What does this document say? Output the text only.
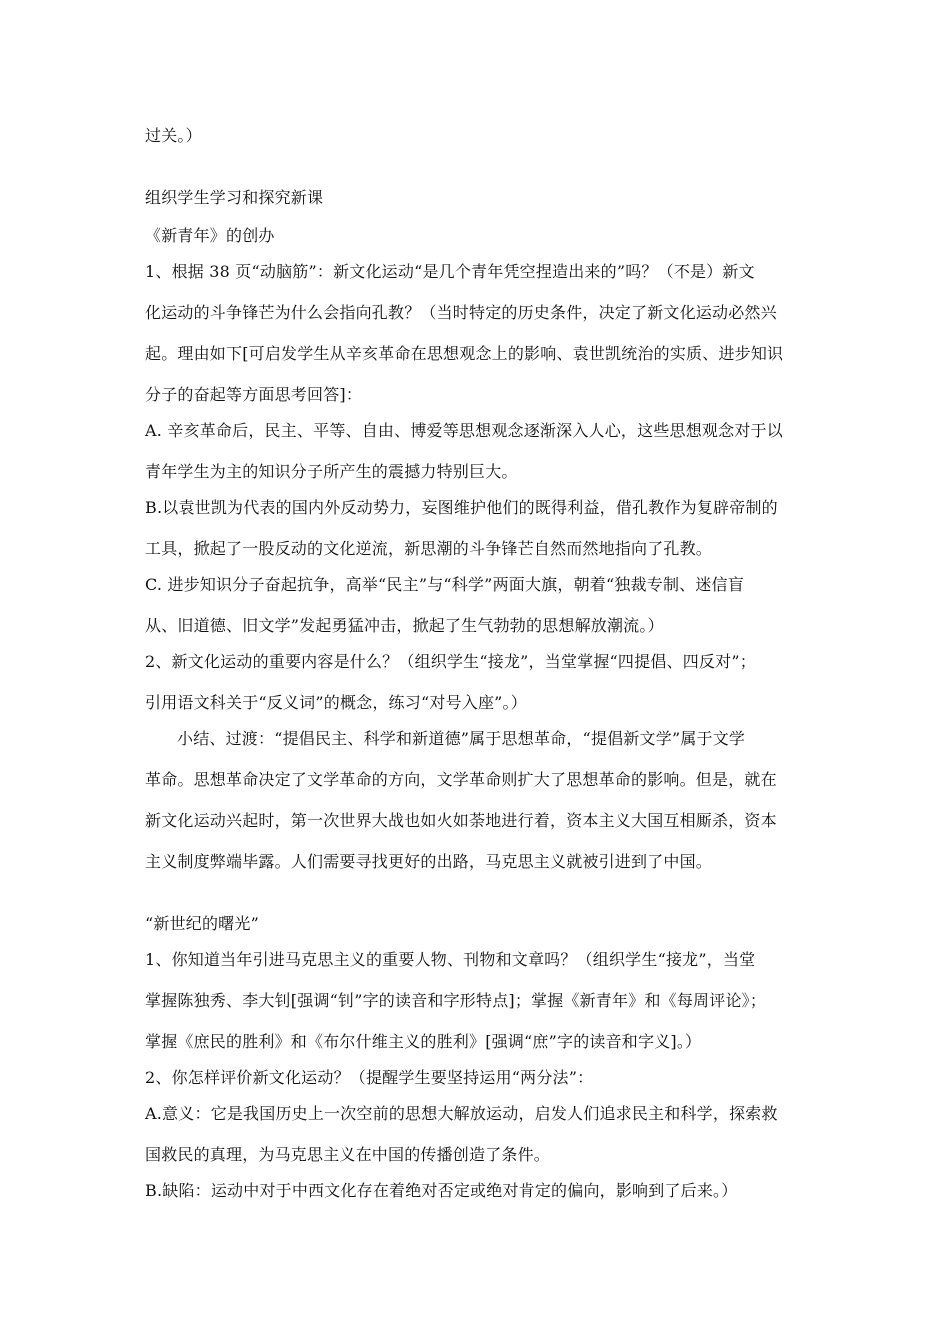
过关。）
组织学生学习和探究新课
《新青年》的创办
1、根据 38 页“动脑筋”：新文化运动“是几个青年凭空捏造出来的”吗？（不是）新文
化运动的斗争锋芒为什么会指向孔教？（当时特定的历史条件，决定了新文化运动必然兴
起。理由如下[可启发学生从辛亥革命在思想观念上的影响、袁世凯统治的实质、进步知识
分子的奋起等方面思考回答]：
A. 辛亥革命后，民主、平等、自由、博爱等思想观念逐渐深入人心，这些思想观念对于以
青年学生为主的知识分子所产生的震撼力特别巨大。
B.以袁世凯为代表的国内外反动势力，妄图维护他们的既得利益，借孔教作为复辟帝制的
工具，掀起了一股反动的文化逆流，新思潮的斗争锋芒自然而然地指向了孔教。
C. 进步知识分子奋起抗争，高举“民主”与“科学”两面大旗，朝着“独裁专制、迷信盲
从、旧道德、旧文学”发起勇猛冲击，掀起了生气勃勃的思想解放潮流。）
2、新文化运动的重要内容是什么？（组织学生“接龙”，当堂掌握“四提倡、四反对”；
引用语文科关于“反义词”的概念，练习“对号入座”。）
小结、过渡：“提倡民主、科学和新道德”属于思想革命，“提倡新文学”属于文学
革命。思想革命决定了文学革命的方向，文学革命则扩大了思想革命的影响。但是，就在
新文化运动兴起时，第一次世界大战也如火如荼地进行着，资本主义大国互相厮杀，资本
主义制度弊端毕露。人们需要寻找更好的出路，马克思主义就被引进到了中国。
“新世纪的曙光”
1、你知道当年引进马克思主义的重要人物、刊物和文章吗？（组织学生“接龙”，当堂
掌握陈独秀、李大钊[强调“钊”字的读音和字形特点]；掌握《新青年》和《每周评论》；
掌握《庶民的胜利》和《布尔什维主义的胜利》[强调“庶”字的读音和字义]。）
2、你怎样评价新文化运动？（提醒学生要坚持运用“两分法”：
A.意义：它是我国历史上一次空前的思想大解放运动，启发人们追求民主和科学，探索救
国救民的真理，为马克思主义在中国的传播创造了条件。
B.缺陷：运动中对于中西文化存在着绝对否定或绝对肯定的偏向，影响到了后来。）
